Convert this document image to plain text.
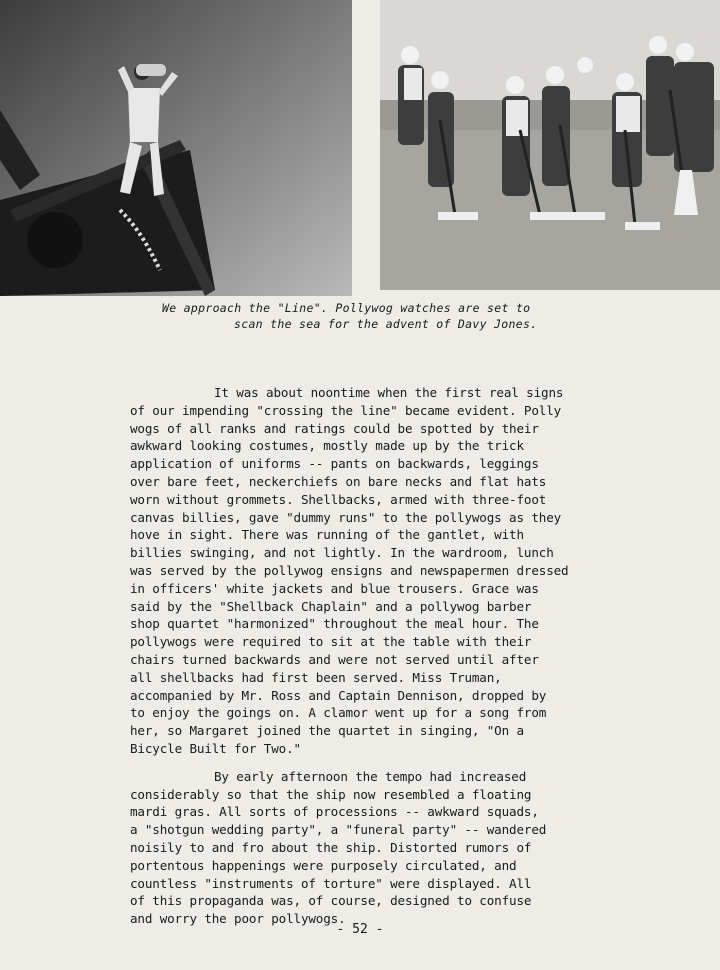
We approach the "Line". Pollywog watches are set to
scan the sea for the advent of Davy Jones.
It was about noontime when the first real signs
of our impending "crossing the line" became evident. Polly
wogs of all ranks and ratings could be spotted by their
awkward looking costumes, mostly made up by the trick
application of uniforms -- pants on backwards, leggings
over bare feet, neckerchiefs on bare necks and flat hats
worn without grommets. Shellbacks, armed with three-foot
canvas billies, gave "dummy runs" to the pollywogs as they
hove in sight. There was running of the gantlet, with
billies swinging, and not lightly. In the wardroom, lunch
was served by the pollywog ensigns and newspapermen dressed
in officers' white jackets and blue trousers. Grace was
said by the "Shellback Chaplain" and a pollywog barber
shop quartet "harmonized" throughout the meal hour. The
pollywogs were required to sit at the table with their
chairs turned backwards and were not served until after
all shellbacks had first been served. Miss Truman,
accompanied by Mr. Ross and Captain Dennison, dropped by
to enjoy the goings on. A clamor went up for a song from
her, so Margaret joined the quartet in singing, "On a
Bicycle Built for Two."
By early afternoon the tempo had increased
considerably so that the ship now resembled a floating
mardi gras. All sorts of processions -- awkward squads,
a "shotgun wedding party", a "funeral party" -- wandered
noisily to and fro about the ship. Distorted rumors of
portentous happenings were purposely circulated, and
countless "instruments of torture" were displayed. All
of this propaganda was, of course, designed to confuse
and worry the poor pollywogs.
- 52 -
